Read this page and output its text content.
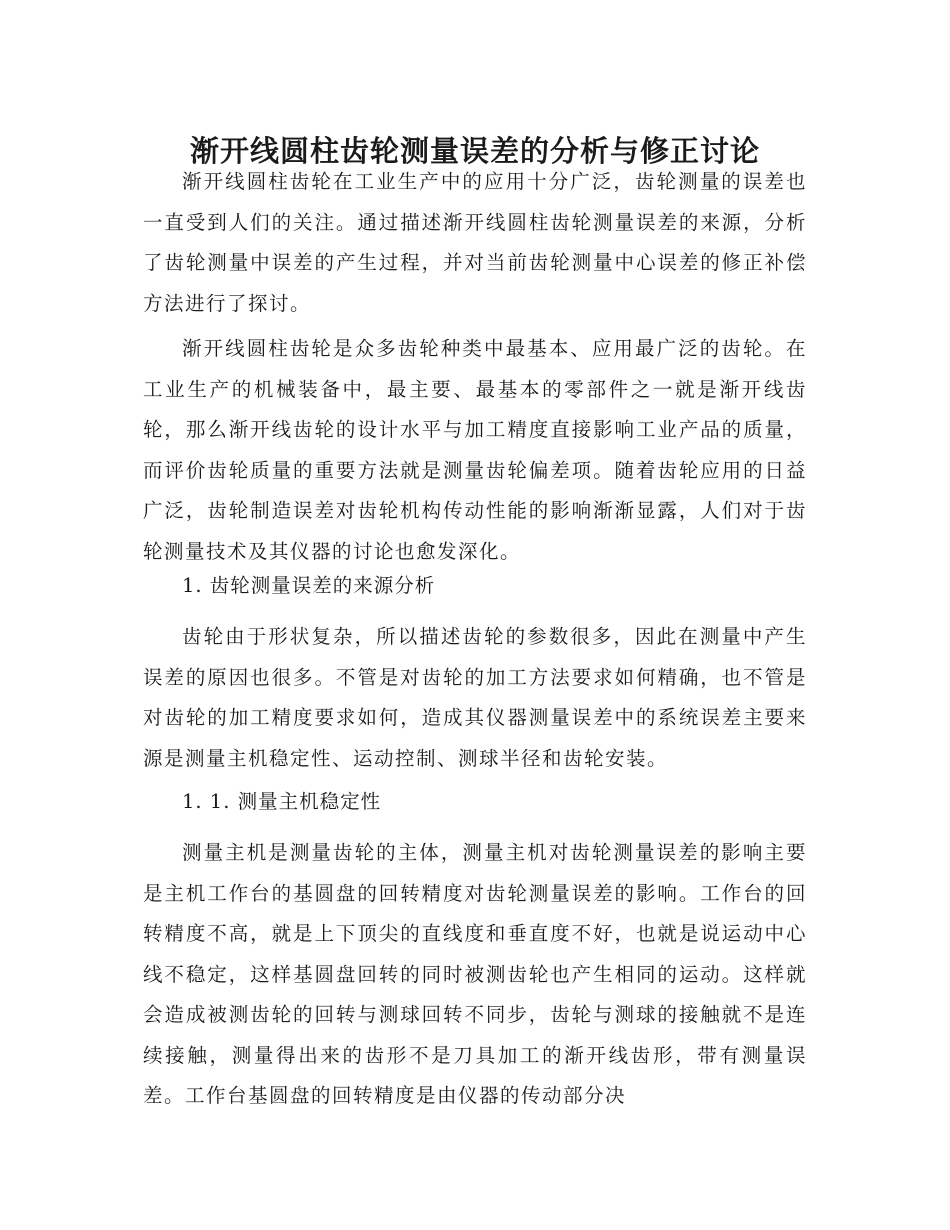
渐开线圆柱齿轮测量误差的分析与修正讨论

渐开线圆柱齿轮在工业生产中的应用十分广泛，齿轮测量的误差也一直受到人们的关注。通过描述渐开线圆柱齿轮测量误差的来源，分析了齿轮测量中误差的产生过程，并对当前齿轮测量中心误差的修正补偿方法进行了探讨。

渐开线圆柱齿轮是众多齿轮种类中最基本、应用最广泛的齿轮。在工业生产的机械装备中，最主要、最基本的零部件之一就是渐开线齿轮，那么渐开线齿轮的设计水平与加工精度直接影响工业产品的质量，而评价齿轮质量的重要方法就是测量齿轮偏差项。随着齿轮应用的日益广泛，齿轮制造误差对齿轮机构传动性能的影响渐渐显露，人们对于齿轮测量技术及其仪器的讨论也愈发深化。

1. 齿轮测量误差的来源分析

齿轮由于形状复杂，所以描述齿轮的参数很多，因此在测量中产生误差的原因也很多。不管是对齿轮的加工方法要求如何精确，也不管是对齿轮的加工精度要求如何，造成其仪器测量误差中的系统误差主要来源是测量主机稳定性、运动控制、测球半径和齿轮安装。

1. 1. 测量主机稳定性

测量主机是测量齿轮的主体，测量主机对齿轮测量误差的影响主要是主机工作台的基圆盘的回转精度对齿轮测量误差的影响。工作台的回转精度不高，就是上下顶尖的直线度和垂直度不好，也就是说运动中心线不稳定，这样基圆盘回转的同时被测齿轮也产生相同的运动。这样就会造成被测齿轮的回转与测球回转不同步，齿轮与测球的接触就不是连续接触，测量得出来的齿形不是刀具加工的渐开线齿形，带有测量误差。工作台基圆盘的回转精度是由仪器的传动部分决
